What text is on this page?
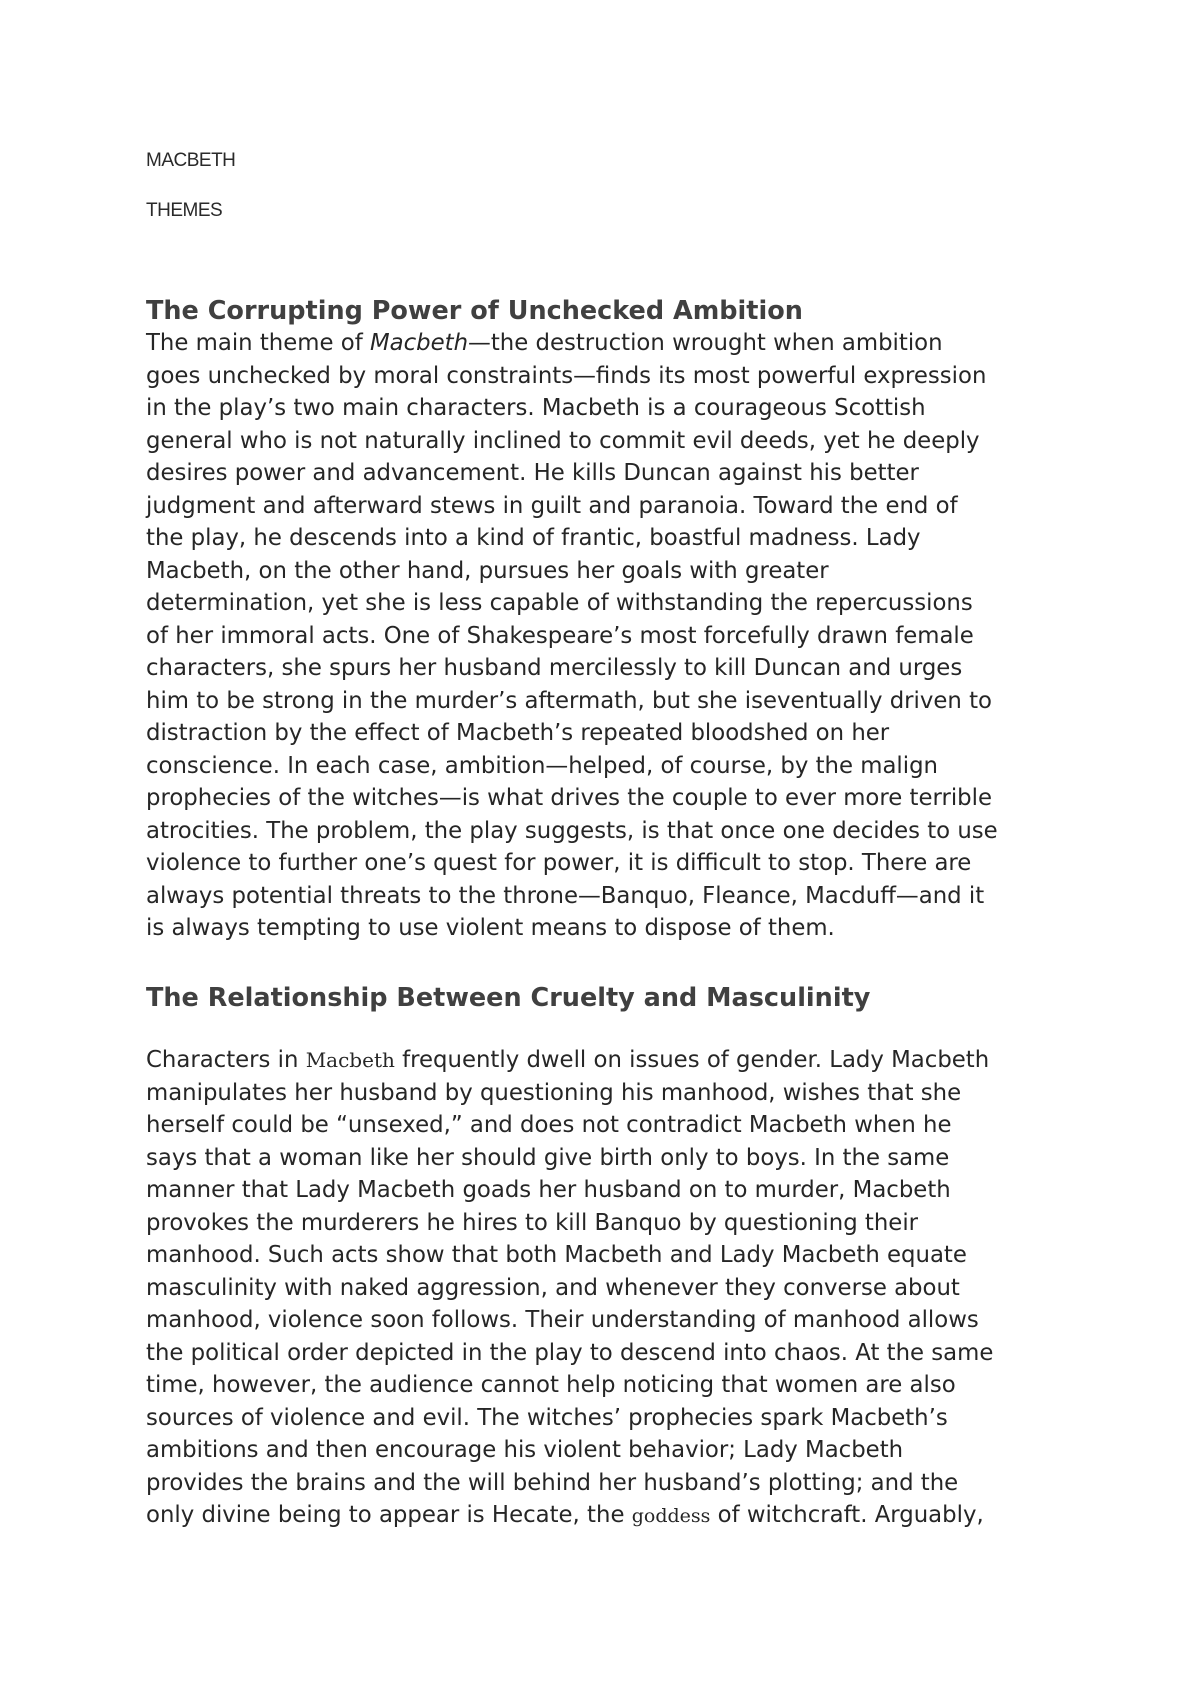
MACBETH
THEMES
The Corrupting Power of Unchecked Ambition
The main theme of Macbeth—the destruction wrought when ambition
goes unchecked by moral constraints—finds its most powerful expression
in the play’s two main characters. Macbeth is a courageous Scottish
general who is not naturally inclined to commit evil deeds, yet he deeply
desires power and advancement. He kills Duncan against his better
judgment and afterward stews in guilt and paranoia. Toward the end of
the play, he descends into a kind of frantic, boastful madness. Lady
Macbeth, on the other hand, pursues her goals with greater
determination, yet she is less capable of withstanding the repercussions
of her immoral acts. One of Shakespeare’s most forcefully drawn female
characters, she spurs her husband mercilessly to kill Duncan and urges
him to be strong in the murder’s aftermath, but she iseventually driven to
distraction by the effect of Macbeth’s repeated bloodshed on her
conscience. In each case, ambition—helped, of course, by the malign
prophecies of the witches—is what drives the couple to ever more terrible
atrocities. The problem, the play suggests, is that once one decides to use
violence to further one’s quest for power, it is difficult to stop. There are
always potential threats to the throne—Banquo, Fleance, Macduff—and it
is always tempting to use violent means to dispose of them.
The Relationship Between Cruelty and Masculinity
Characters in Macbeth frequently dwell on issues of gender. Lady Macbeth
manipulates her husband by questioning his manhood, wishes that she
herself could be “unsexed,” and does not contradict Macbeth when he
says that a woman like her should give birth only to boys. In the same
manner that Lady Macbeth goads her husband on to murder, Macbeth
provokes the murderers he hires to kill Banquo by questioning their
manhood. Such acts show that both Macbeth and Lady Macbeth equate
masculinity with naked aggression, and whenever they converse about
manhood, violence soon follows. Their understanding of manhood allows
the political order depicted in the play to descend into chaos. At the same
time, however, the audience cannot help noticing that women are also
sources of violence and evil. The witches’ prophecies spark Macbeth’s
ambitions and then encourage his violent behavior; Lady Macbeth
provides the brains and the will behind her husband’s plotting; and the
only divine being to appear is Hecate, the goddess of witchcraft. Arguably,
